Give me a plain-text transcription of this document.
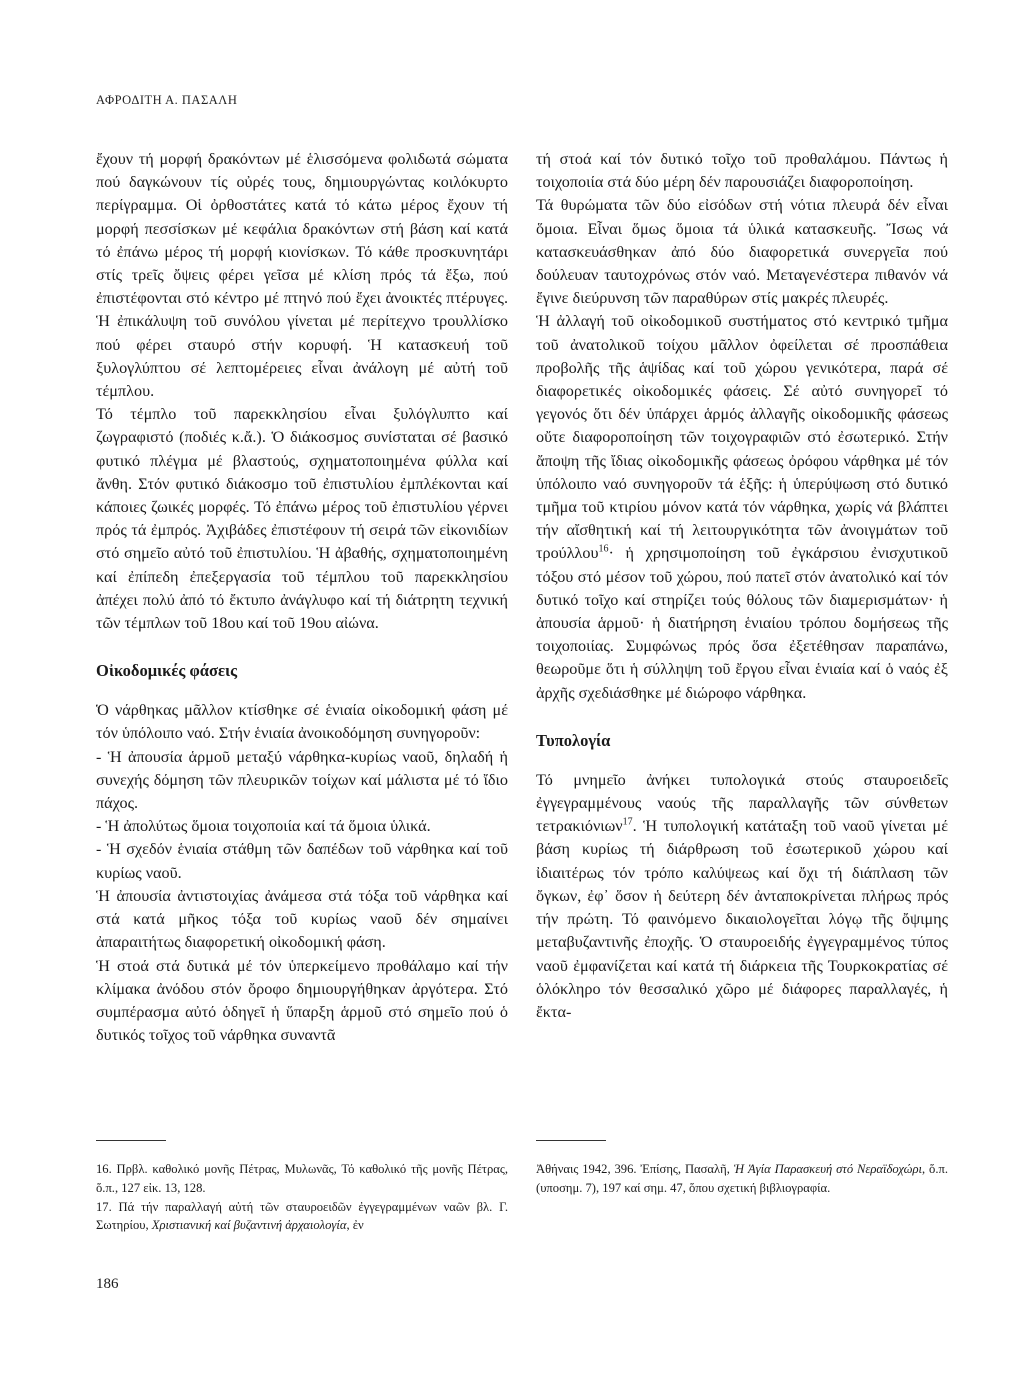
ΑΦΡΟΔΙΤΗ Α. ΠΑΣΑΛΗ

ἔχουν τή μορφή δρακόντων μέ ἑλισσόμενα φολιδωτά σώματα πού δαγκώνουν τίς οὐρές τους, δημιουργώντας κοιλόκυρτο περίγραμμα. Οἱ ὀρθοστάτες κατά τό κάτω μέρος ἔχουν τή μορφή πεσσίσκων μέ κεφάλια δρακόντων στή βάση καί κατά τό ἐπάνω μέρος τή μορφή κιονίσκων. Τό κάθε προσκυνητάρι στίς τρεῖς ὄψεις φέρει γεῖσα μέ κλίση πρός τά ἔξω, πού ἐπιστέφονται στό κέντρο μέ πτηνό πού ἔχει ἀνοικτές πτέρυγες. Ἡ ἐπικάλυψη τοῦ συνόλου γίνεται μέ περίτεχνο τρουλλίσκο πού φέρει σταυρό στήν κορυφή. Ἡ κατασκευή τοῦ ξυλογλύπτου σέ λεπτομέρειες εἶναι ἀνάλογη μέ αὐτή τοῦ τέμπλου.

Τό τέμπλο τοῦ παρεκκλησίου εἶναι ξυλόγλυπτο καί ζωγραφιστό (ποδιές κ.ἄ.). Ὁ διάκοσμος συνίσταται σέ βασικό φυτικό πλέγμα μέ βλαστούς, σχηματοποιημένα φύλλα καί ἄνθη. Στόν φυτικό διάκοσμο τοῦ ἐπιστυλίου ἐμπλέκονται καί κάποιες ζωικές μορφές. Τό ἐπάνω μέρος τοῦ ἐπιστυλίου γέρνει πρός τά ἐμπρός. Ἀχιβάδες ἐπιστέφουν τή σειρά τῶν εἰκονιδίων στό σημεῖο αὐτό τοῦ ἐπιστυλίου. Ἡ ἀβαθής, σχηματοποιημένη καί ἐπίπεδη ἐπεξεργασία τοῦ τέμπλου τοῦ παρεκκλησίου ἀπέχει πολύ ἀπό τό ἔκτυπο ἀνάγλυφο καί τή διάτρητη τεχνική τῶν τέμπλων τοῦ 18ου καί τοῦ 19ου αἰώνα.

Οἰκοδομικές φάσεις

Ὁ νάρθηκας μᾶλλον κτίσθηκε σέ ἑνιαία οἰκοδομική φάση μέ τόν ὑπόλοιπο ναό. Στήν ἑνιαία ἀνοικοδόμηση συνηγοροῦν:

- Ἡ ἀπουσία ἁρμοῦ μεταξύ νάρθηκα-κυρίως ναοῦ, δηλαδή ἡ συνεχής δόμηση τῶν πλευρικῶν τοίχων καί μάλιστα μέ τό ἴδιο πάχος.

- Ἡ ἀπολύτως ὅμοια τοιχοποιία καί τά ὅμοια ὑλικά.

- Ἡ σχεδόν ἑνιαία στάθμη τῶν δαπέδων τοῦ νάρθηκα καί τοῦ κυρίως ναοῦ.

Ἡ ἀπουσία ἀντιστοιχίας ἀνάμεσα στά τόξα τοῦ νάρθηκα καί στά κατά μῆκος τόξα τοῦ κυρίως ναοῦ δέν σημαίνει ἀπαραιτήτως διαφορετική οἰκοδομική φάση.

Ἡ στοά στά δυτικά μέ τόν ὑπερκείμενο προθάλαμο καί τήν κλίμακα ἀνόδου στόν ὄροφο δημιουργήθηκαν ἀργότερα. Στό συμπέρασμα αὐτό ὁδηγεῖ ἡ ὕπαρξη ἁρμοῦ στό σημεῖο πού ὁ δυτικός τοῖχος τοῦ νάρθηκα συναντᾶ

τή στοά καί τόν δυτικό τοῖχο τοῦ προθαλάμου. Πάντως ἡ τοιχοποιία στά δύο μέρη δέν παρουσιάζει διαφοροποίηση.

Τά θυρώματα τῶν δύο εἰσόδων στή νότια πλευρά δέν εἶναι ὅμοια. Εἶναι ὅμως ὅμοια τά ὑλικά κατασκευῆς. Ἴσως νά κατασκευάσθηκαν ἀπό δύο διαφορετικά συνεργεῖα πού δούλευαν ταυτοχρόνως στόν ναό. Μεταγενέστερα πιθανόν νά ἔγινε διεύρυνση τῶν παραθύρων στίς μακρές πλευρές.

Ἡ ἀλλαγή τοῦ οἰκοδομικοῦ συστήματος στό κεντρικό τμῆμα τοῦ ἀνατολικοῦ τοίχου μᾶλλον ὀφείλεται σέ προσπάθεια προβολῆς τῆς ἁψίδας καί τοῦ χώρου γενικότερα, παρά σέ διαφορετικές οἰκοδομικές φάσεις. Σέ αὐτό συνηγορεῖ τό γεγονός ὅτι δέν ὑπάρχει ἁρμός ἀλλαγῆς οἰκοδομικῆς φάσεως οὔτε διαφοροποίηση τῶν τοιχογραφιῶν στό ἐσωτερικό. Στήν ἄποψη τῆς ἴδιας οἰκοδομικῆς φάσεως ὀρόφου νάρθηκα μέ τόν ὑπόλοιπο ναό συνηγοροῦν τά ἑξῆς: ἡ ὑπερύψωση στό δυτικό τμῆμα τοῦ κτιρίου μόνον κατά τόν νάρθηκα, χωρίς νά βλάπτει τήν αἴσθητική καί τή λειτουργικότητα τῶν ἀνοιγμάτων τοῦ τρούλλου$^{16}$· ἡ χρησιμοποίηση τοῦ ἐγκάρσιου ἐνισχυτικοῦ τόξου στό μέσον τοῦ χώρου, πού πατεῖ στόν ἀνατολικό καί τόν δυτικό τοῖχο καί στηρίζει τούς θόλους τῶν διαμερισμάτων· ἡ ἀπουσία ἁρμοῦ· ἡ διατήρηση ἑνιαίου τρόπου δομήσεως τῆς τοιχοποιίας. Συμφώνως πρός ὅσα ἐξετέθησαν παραπάνω, θεωροῦμε ὅτι ἡ σύλληψη τοῦ ἔργου εἶναι ἑνιαία καί ὁ ναός ἐξ ἀρχῆς σχεδιάσθηκε μέ διώροφο νάρθηκα.

Τυπολογία

Τό μνημεῖο ἀνήκει τυπολογικά στούς σταυροειδεῖς ἐγγεγραμμένους ναούς τῆς παραλλαγῆς τῶν σύνθετων τετρακιόνιων$^{17}$. Ἡ τυπολογική κατάταξη τοῦ ναοῦ γίνεται μέ βάση κυρίως τή διάρθρωση τοῦ ἐσωτερικοῦ χώρου καί ἰδιαιτέρως τόν τρόπο καλύψεως καί ὄχι τή διάπλαση τῶν ὄγκων, ἐφ᾽ ὅσον ἡ δεύτερη δέν ἀνταποκρίνεται πλήρως πρός τήν πρώτη. Τό φαινόμενο δικαιολογεῖται λόγῳ τῆς ὄψιμης μεταβυζαντινῆς ἐποχῆς. Ὁ σταυροειδής ἐγγεγραμμένος τύπος ναοῦ ἐμφανίζεται καί κατά τή διάρκεια τῆς Τουρκοκρατίας σέ ὁλόκληρο τόν θεσσαλικό χῶρο μέ διάφορες παραλλαγές, ἡ ἔκτα-

16. Πρβλ. καθολικό μονῆς Πέτρας, Μυλωνᾶς, Τό καθολικό τῆς μονῆς Πέτρας, ὅ.π., 127 εἰκ. 13, 128.

17. Πά τήν παραλλαγή αὐτή τῶν σταυροειδῶν ἐγγεγραμμένων ναῶν βλ. Γ. Σωτηρίου, Χριστιανική καί βυζαντινή ἀρχαιολογία, ἐν

Ἀθήναις 1942, 396. Ἐπίσης, Πασαλῆ, Ἡ Ἁγία Παρασκευή στό Νεραϊδοχώρι, ὅ.π. (υποσημ. 7), 197 καί σημ. 47, ὅπου σχετική βιβλιογραφία.

186
